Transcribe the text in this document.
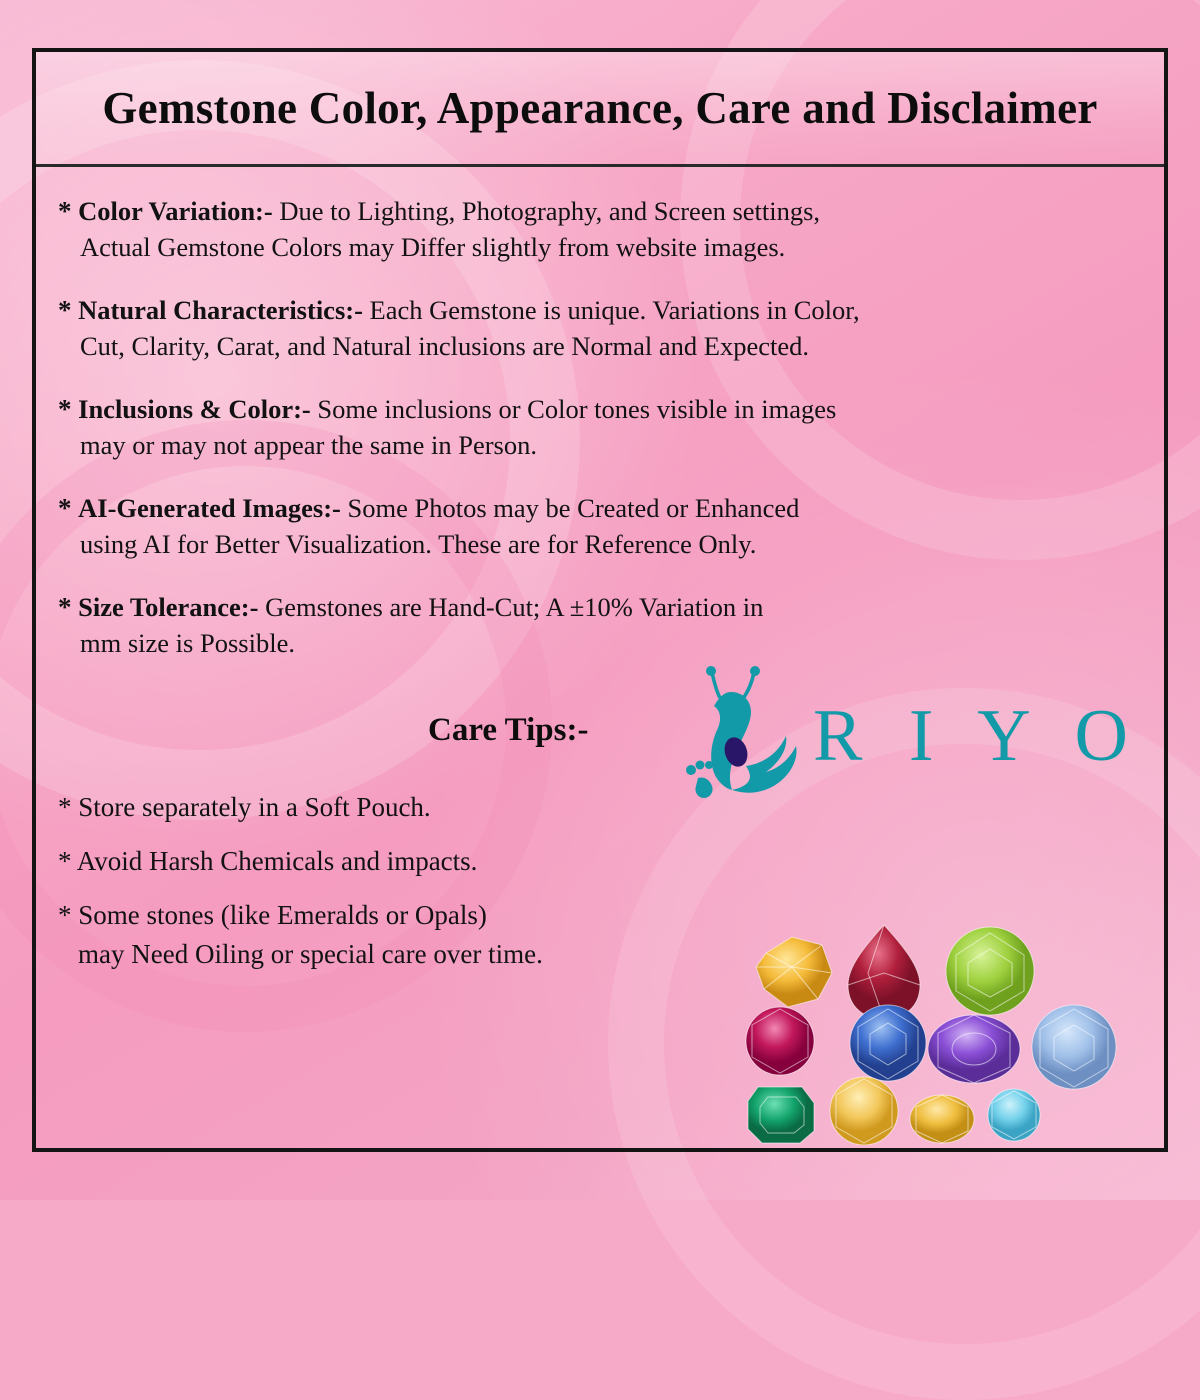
Gemstone Color, Appearance, Care and Disclaimer
* Color Variation:- Due to Lighting, Photography, and Screen settings,
Actual Gemstone Colors may Differ slightly from website images.
* Natural Characteristics:- Each Gemstone is unique. Variations in Color,
Cut, Clarity, Carat, and Natural inclusions are Normal and Expected.
* Inclusions & Color:- Some inclusions or Color tones visible in images
may or may not appear the same in Person.
* AI-Generated Images:- Some Photos may be Created or Enhanced
using AI for Better Visualization. These are for Reference Only.
* Size Tolerance:- Gemstones are Hand-Cut; A ±10% Variation in
mm size is Possible.
Care Tips:-	R I Y O
* Store separately in a Soft Pouch.
* Avoid Harsh Chemicals and impacts.
* Some stones (like Emeralds or Opals)
may Need Oiling or special care over time.
